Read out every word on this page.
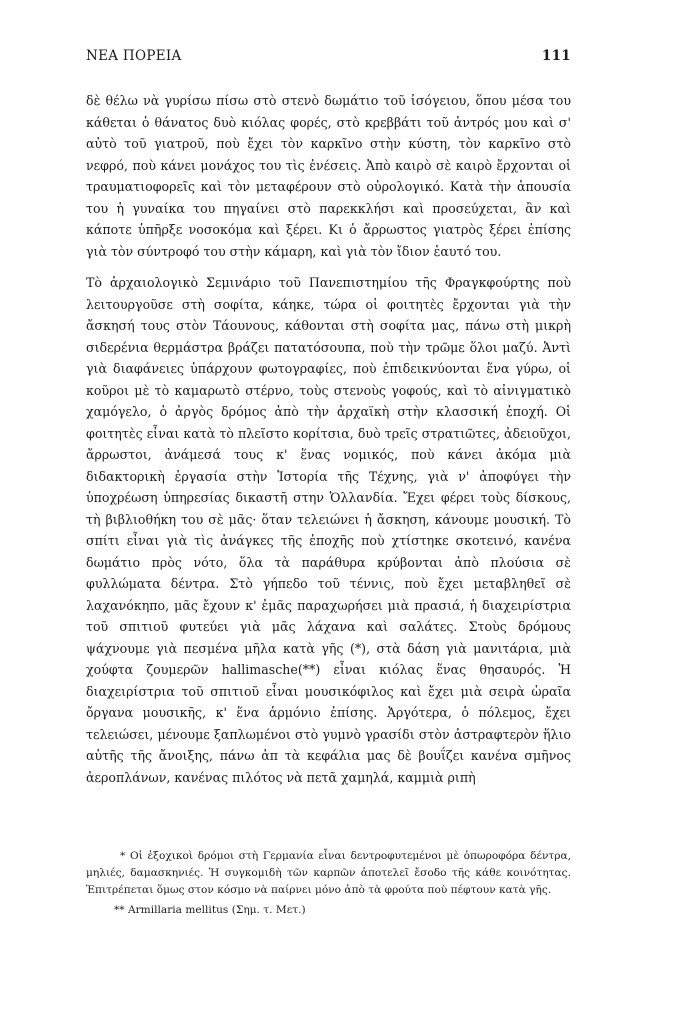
ΝΕΑ ΠΟΡΕΙΑ	111

δὲ θέλω νὰ γυρίσω πίσω στὸ στενὸ δωμάτιο τοῦ ἰσόγειου, ὅπου μέσα του κάθεται ὁ θάνατος δυὸ κιόλας φορές, στὸ κρεββάτι τοῦ ἀντρός μου καὶ σ' αὐτὸ τοῦ γιατροῦ, ποὺ ἔχει τὸν καρκῖνο στὴν κύστη, τὸν καρκῖνο στὸ νεφρό, ποὺ κάνει μονάχος του τὶς ἐνέσεις. Ἀπὸ καιρὸ σὲ καιρὸ ἔρχονται οἱ τραυματιοφορεῖς καὶ τὸν μεταφέρουν στὸ οὐρολογικό. Κατὰ τὴν ἀπουσία του ἡ γυναίκα του πηγαίνει στὸ παρεκκλήσι καὶ προσεύχεται, ἂν καὶ κάποτε ὑπῆρξε νοσοκόμα καὶ ξέρει. Κι ὁ ἄρρωστος γιατρὸς ξέρει ἐπίσης γιὰ τὸν σύντροφό του στὴν κάμαρη, καὶ γιὰ τὸν ἴδιον ἑαυτό του.

Τὸ ἀρχαιολογικὸ Σεμινάριο τοῦ Πανεπιστημίου τῆς Φραγκφούρτης ποὺ λειτουργοῦσε στὴ σοφίτα, κάηκε, τώρα οἱ φοιτητὲς ἔρχονται γιὰ τὴν ἄσκησή τους στὸν Τάουνους, κάθονται στὴ σοφίτα μας, πάνω στὴ μικρὴ σιδερένια θερμάστρα βράζει πατατόσουπα, ποὺ τὴν τρῶμε ὅλοι μαζύ. Ἀντὶ γιὰ διαφάνειες ὑπάρχουν φωτογραφίες, ποὺ ἐπιδεικνύονται ἕνα γύρω, οἱ κοῦροι μὲ τὸ καμαρωτὸ στέρνο, τοὺς στενοὺς γοφούς, καὶ τὸ αἰνιγματικὸ χαμόγελο, ὁ ἀργὸς δρόμος ἀπὸ τὴν ἀρχαϊκὴ στὴν κλασσική ἐποχή. Οἱ φοιτητὲς εἶναι κατὰ τὸ πλεῖστο κορίτσια, δυὸ τρεῖς στρατιῶτες, ἀδειοῦχοι, ἄρρωστοι, ἀνάμεσά τους κ' ἕνας νομικός, ποὺ κάνει ἀκόμα μιὰ διδακτορικὴ ἐργασία στὴν Ἱστορία τῆς Τέχνης, γιὰ ν' ἀποφύγει τὴν ὑποχρέωση ὑπηρεσίας δικαστῆ στην Ὁλλανδία. Ἔχει φέρει τοὺς δίσκους, τὴ βιβλιοθήκη του σὲ μᾶς· ὅταν τελειώνει ἡ ἄσκηση, κάνουμε μουσική. Τὸ σπίτι εἶναι γιὰ τὶς ἀνάγκες τῆς ἐποχῆς ποὺ χτίστηκε σκοτεινό, κανένα δωμάτιο πρὸς νότο, ὅλα τὰ παράθυρα κρύβονται ἀπὸ πλούσια σὲ φυλλώματα δέντρα. Στὸ γήπεδο τοῦ τέννις, ποὺ ἔχει μεταβληθεῖ σὲ λαχανόκηπο, μᾶς ἔχουν κ' ἐμᾶς παραχωρήσει μιὰ πρασιά, ἡ διαχειρίστρια τοῦ σπιτιοῦ φυτεύει γιὰ μᾶς λάχανα καὶ σαλάτες. Στοὺς δρόμους ψάχνουμε γιὰ πεσμένα μῆλα κατὰ γῆς (*), στὰ δάση γιὰ μανιτάρια, μιὰ χούφτα ζουμερῶν hallimasche(**) εἶναι κιόλας ἕνας θησαυρός. Ἡ διαχειρίστρια τοῦ σπιτιοῦ εἶναι μουσικόφιλος καὶ ἔχει μιὰ σειρὰ ὡραῖα ὄργανα μουσικῆς, κ' ἕνα ἁρμόνιο ἐπίσης. Ἀργότερα, ὁ πόλεμος, ἔχει τελειώσει, μένουμε ξαπλωμένοι στὸ γυμνὸ γρασίδι στὸν ἀστραφτερὸν ἥλιο αὐτῆς τῆς ἄνοιξης, πάνω ἀπ τὰ κεφάλια μας δὲ βουΐζει κανένα σμῆνος ἀεροπλάνων, κανένας πιλότος νὰ πετᾶ χαμηλά, καμμιὰ ριπὴ

* Οἱ ἐξοχικοὶ δρόμοι στὴ Γερμανία εἶναι δεντροφυτεμένοι μὲ ὀπωροφόρα δέντρα, μηλιές, δαμασκηνιές. Ἡ συγκομιδὴ τῶν καρπῶν ἀποτελεῖ ἔσοδο τῆς κάθε κοινότητας. Ἐπιτρέπεται ὅμως στον κόσμο νὰ παίρνει μόνο ἀπὸ τὰ φρούτα ποὺ πέφτουν κατὰ γῆς.

** Armillaria mellitus (Σημ. τ. Μετ.)
